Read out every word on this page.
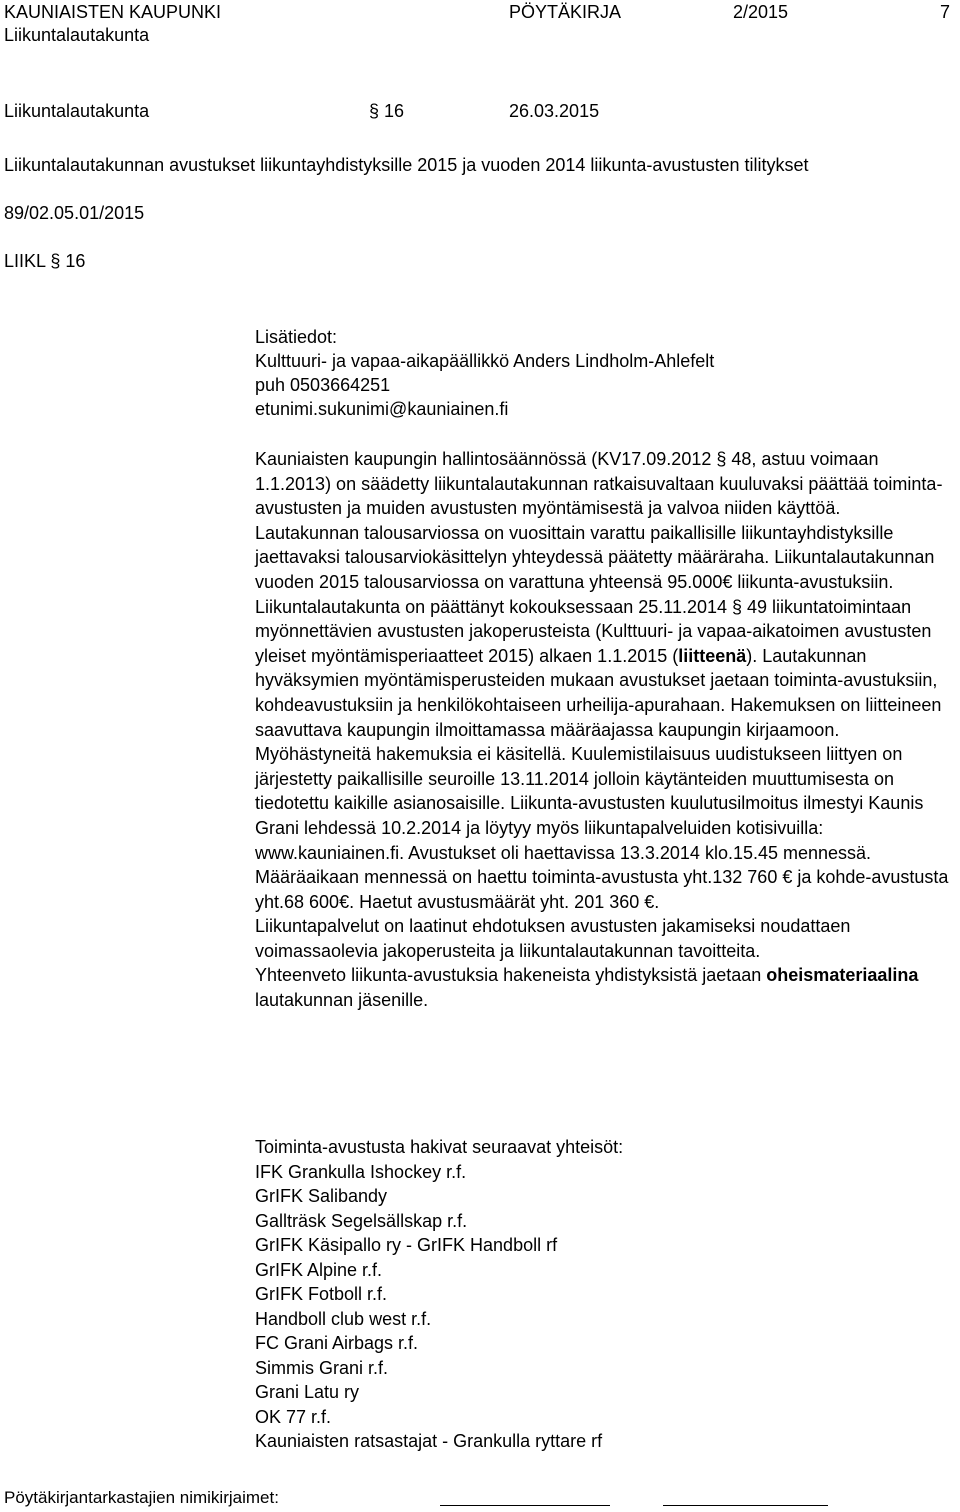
KAUNIAISTEN KAUPUNKI
Liikuntalautakunta
PÖYTÄKIRJA	2/2015	7
Liikuntalautakunta	§ 16	26.03.2015
Liikuntalautakunnan avustukset liikuntayhdistyksille 2015 ja vuoden 2014 liikunta-avustusten tilitykset
89/02.05.01/2015
LIIKL § 16
Lisätiedot:
Kulttuuri- ja vapaa-aikapäällikkö Anders Lindholm-Ahlefelt
puh 0503664251
etunimi.sukunimi@kauniainen.fi

Kauniaisten kaupungin hallintosäännössä (KV17.09.2012 § 48, astuu voimaan 1.1.2013) on säädetty liikuntalautakunnan ratkaisuvaltaan kuuluvaksi päättää toiminta-avustusten ja muiden avustusten myöntämisestä ja valvoa niiden käyttöä.

Lautakunnan talousarviossa on vuosittain varattu paikallisille liikuntayhdistyksille jaettavaksi talousarviokäsittelyn yhteydessä päätetty määräraha. Liikuntalautakunnan vuoden 2015 talousarviossa on varattuna yhteensä 95.000€ liikunta-avustuksiin.

Liikuntalautakunta on päättänyt kokouksessaan 25.11.2014 § 49 liikuntatoimintaan myönnettävien avustusten jakoperusteista (Kulttuuri- ja vapaa-aikatoimen avustusten yleiset myöntämisperiaatteet 2015) alkaen 1.1.2015 (liitteenä). Lautakunnan hyväksymien myöntämisperusteiden mukaan avustukset jaetaan toiminta-avustuksiin, kohdeavustuksiin ja henkilökohtaiseen urheilija-apurahaan. Hakemuksen on liitteineen saavuttava kaupungin ilmoittamassa määräajassa kaupungin kirjaamoon. Myöhästyneitä hakemuksia ei käsitellä. Kuulemistilaisuus uudistukseen liittyen on järjestetty paikallisille seuroille 13.11.2014 jolloin käytänteiden muuttumisesta on tiedotettu kaikille asianosaisille. Liikunta-avustusten kuulutusilmoitus ilmestyi Kaunis Grani lehdessä 10.2.2014 ja löytyy myös liikuntapalveluiden kotisivuilla: www.kauniainen.fi. Avustukset oli haettavissa 13.3.2014 klo.15.45 mennessä.

Määräaikaan mennessä on haettu toiminta-avustusta yht.132 760 € ja kohde-avustusta yht.68 600€. Haetut avustusmäärät yht. 201 360 €.

Liikuntapalvelut on laatinut ehdotuksen avustusten jakamiseksi noudattaen voimassaolevia jakoperusteita ja liikuntalautakunnan tavoitteita.

Yhteenveto liikunta-avustuksia hakeneista yhdistyksistä jaetaan oheismateriaalina lautakunnan jäsenille.

Toiminta-avustusta hakivat seuraavat yhteisöt:
IFK Grankulla Ishockey r.f.
GrIFK Salibandy
Gallträsk Segelsällskap r.f.
GrIFK Käsipallo ry - GrIFK Handboll rf
GrIFK Alpine r.f.
GrIFK Fotboll r.f.
Handboll club west r.f.
FC Grani Airbags r.f.
Simmis Grani r.f.
Grani Latu ry
OK 77 r.f.
Kauniaisten ratsastajat - Grankulla ryttare rf
Pöytäkirjantarkastajien nimikirjaimet:
